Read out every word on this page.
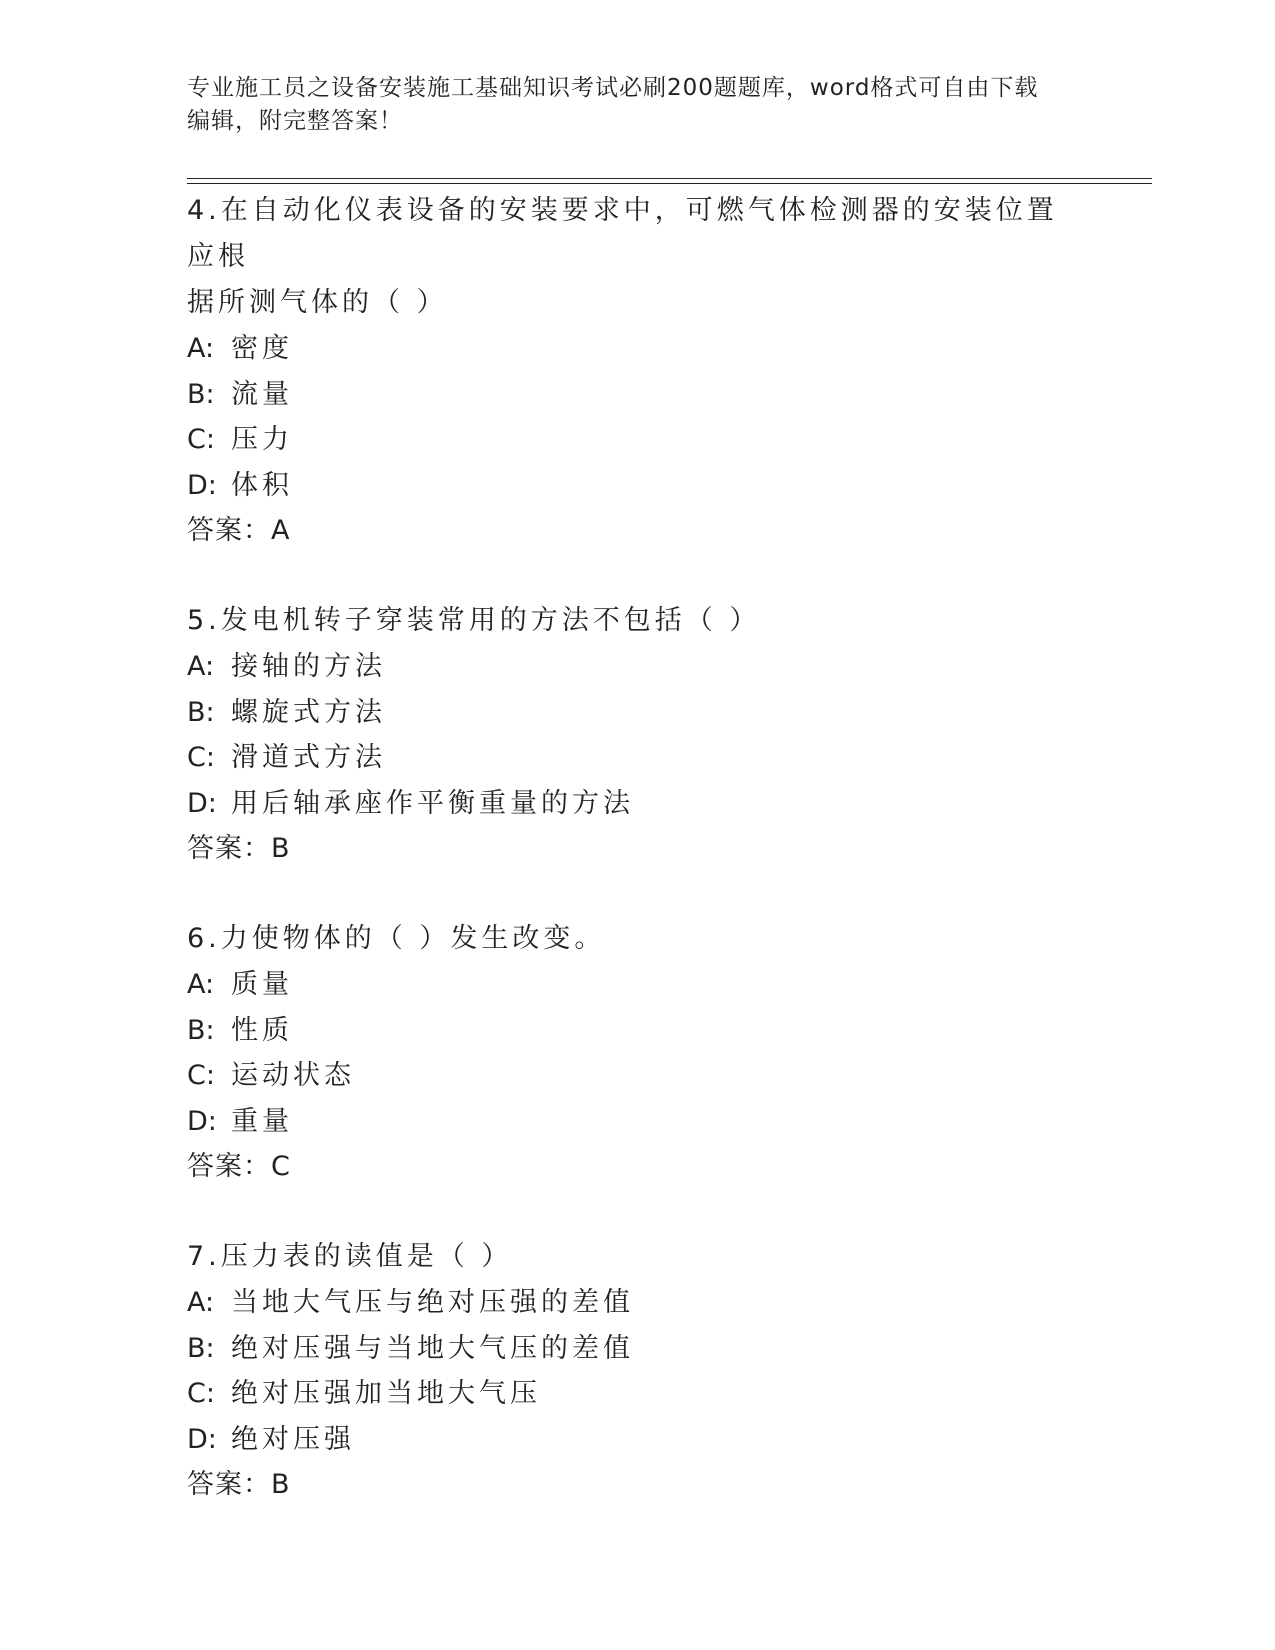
专业施工员之设备安装施工基础知识考试必刷200题题库，word格式可自由下载
编辑，附完整答案！
4.在自动化仪表设备的安装要求中，可燃气体检测器的安装位置应根
据所测气体的（ ）
A: 密度
B: 流量
C: 压力
D: 体积
答案：A
5.发电机转子穿装常用的方法不包括（ ）
A: 接轴的方法
B: 螺旋式方法
C: 滑道式方法
D: 用后轴承座作平衡重量的方法
答案：B
6.力使物体的（ ）发生改变。
A: 质量
B: 性质
C: 运动状态
D: 重量
答案：C
7.压力表的读值是（ ）
A: 当地大气压与绝对压强的差值
B: 绝对压强与当地大气压的差值
C: 绝对压强加当地大气压
D: 绝对压强
答案：B
